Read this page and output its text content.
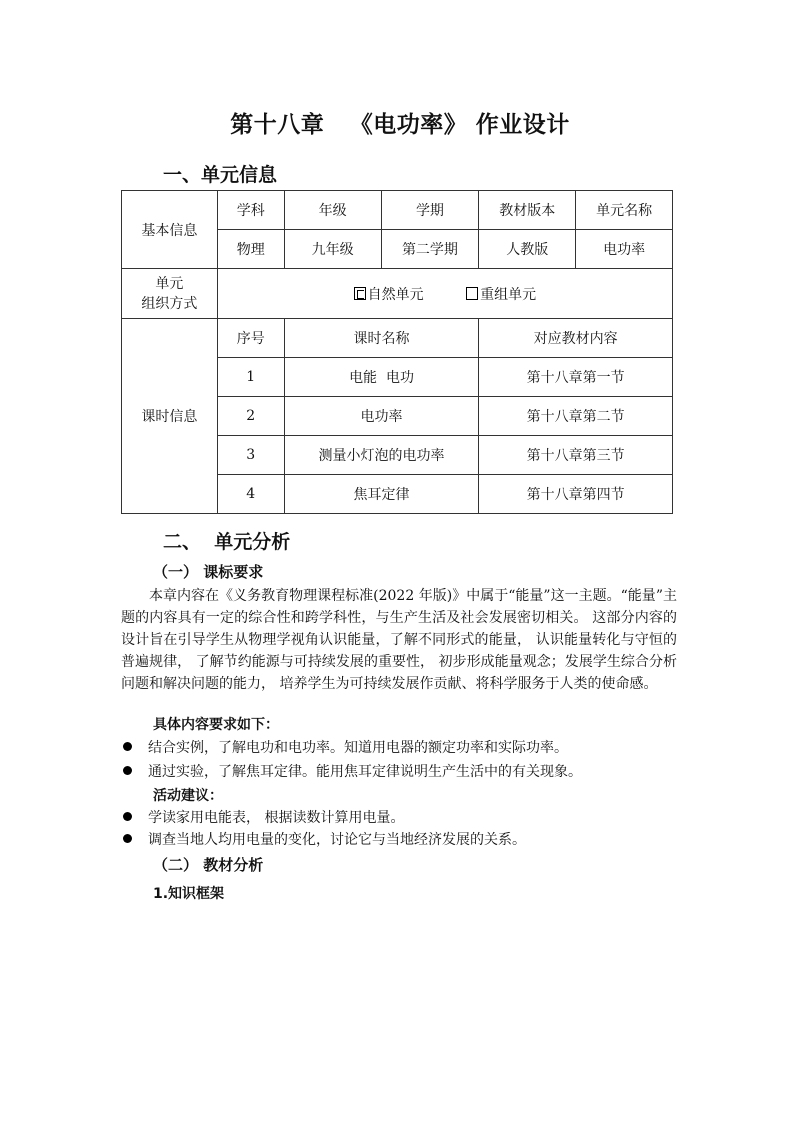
第十八章   《电功率》 作业设计
一、单元信息
基本信息	学科	年级	学期	教材版本	单元名称
	物理	九年级	第二学期	人教版	电功率
单元
组织方式	自然单元 重组单元				
课时信息	序号	课时名称		对应教材内容	
	1	电能  电功		第十八章第一节	
	2	电功率		第十八章第二节	
	3	测量小灯泡的电功率		第十八章第三节	
	4	焦耳定律		第十八章第四节	
二、  单元分析
（一） 课标要求

本章内容在《义务教育物理课程标准(2022 年版)》中属于“能量”这一主题。“能量”主题的内容具有一定的综合性和跨学科性，与生产生活及社会发展密切相关。 这部分内容的设计旨在引导学生从物理学视角认识能量，了解不同形式的能量， 认识能量转化与守恒的普遍规律， 了解节约能源与可持续发展的重要性， 初步形成能量观念；发展学生综合分析问题和解决问题的能力， 培养学生为可持续发展作贡献、将科学服务于人类的使命感。

具体内容要求如下：
结合实例，了解电功和电功率。知道用电器的额定功率和实际功率。
通过实验，了解焦耳定律。能用焦耳定律说明生产生活中的有关现象。
活动建议：
学读家用电能表， 根据读数计算用电量。
调查当地人均用电量的变化，讨论它与当地经济发展的关系。
（二） 教材分析
1.知识框架
